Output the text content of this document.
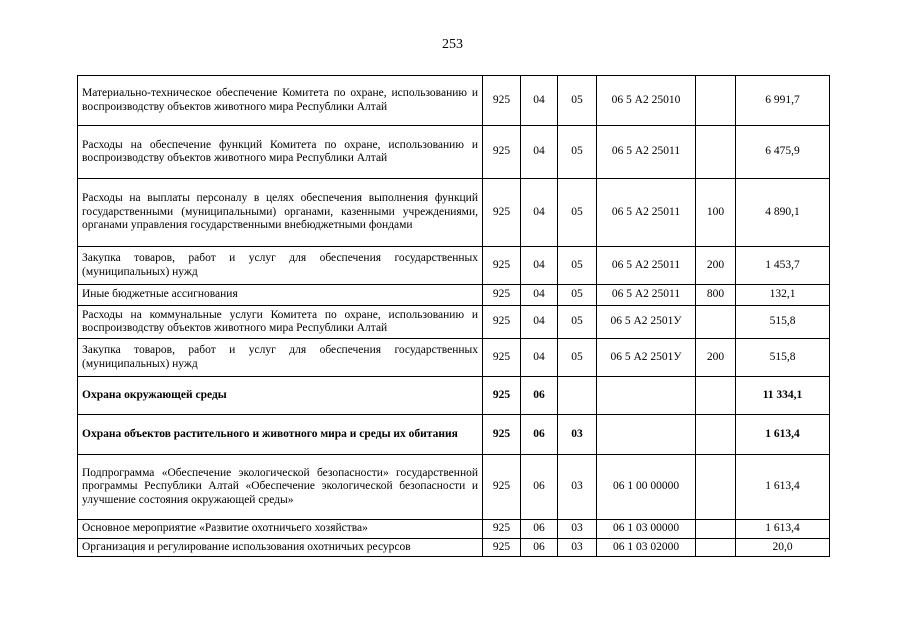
253
Материально-техническое обеспечение Комитета по охране, использованию и воспроизводству объектов животного мира Республики Алтай	925	04	05	06 5 А2 25010		6 991,7
Расходы на обеспечение функций Комитета по охране, использованию и воспроизводству объектов животного мира Республики Алтай	925	04	05	06 5 А2 25011		6 475,9
Расходы на выплаты персоналу в целях обеспечения выполнения функций государственными (муниципальными) органами, казенными учреждениями, органами управления государственными внебюджетными фондами	925	04	05	06 5 А2 25011	100	4 890,1
Закупка товаров, работ и услуг для обеспечения государственных (муниципальных) нужд	925	04	05	06 5 А2 25011	200	1 453,7
Иные бюджетные ассигнования	925	04	05	06 5 А2 25011	800	132,1
Расходы на коммунальные услуги Комитета по охране, использованию и воспроизводству объектов животного мира Республики Алтай	925	04	05	06 5 А2 2501У		515,8
Закупка товаров, работ и услуг для обеспечения государственных (муниципальных) нужд	925	04	05	06 5 А2 2501У	200	515,8
Охрана окружающей среды	925	06				11 334,1
Охрана объектов растительного и животного мира и среды их обитания	925	06	03			1 613,4
Подпрограмма «Обеспечение экологической безопасности» государственной программы Республики Алтай «Обеспечение экологической безопасности и улучшение состояния окружающей среды»	925	06	03	06 1 00 00000		1 613,4
Основное мероприятие «Развитие охотничьего хозяйства»	925	06	03	06 1 03 00000		1 613,4
Организация и регулирование использования охотничьих ресурсов	925	06	03	06 1 03 02000		20,0
